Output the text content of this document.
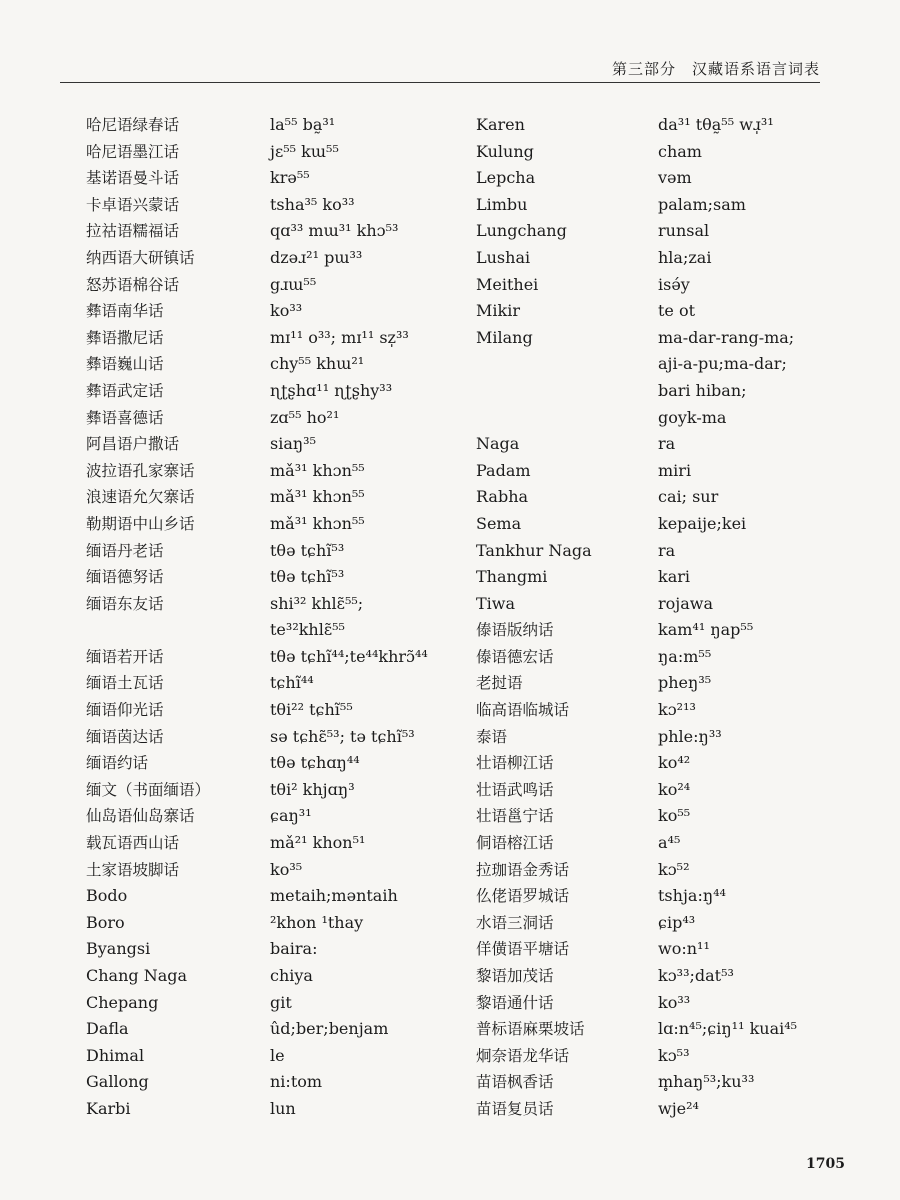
第三部分　汉藏语系语言词表
哈尼语绿春话
哈尼语墨江话
基诺语曼斗话
卡卓语兴蒙话
拉祜语糯福话
纳西语大研镇话
怒苏语棉谷话
彝语南华话
彝语撒尼话
彝语巍山话
彝语武定话
彝语喜德话
阿昌语户撒话
波拉语孔家寨话
浪速语允欠寨话
勒期语中山乡话
缅语丹老话
缅语德努话
缅语东友话
缅语若开话
缅语土瓦话
缅语仰光话
缅语茵达话
缅语约话
缅文（书面缅语）
仙岛语仙岛寨话
载瓦语西山话
土家语坡脚话
Bodo
Boro
Byangsi
Chang Naga
Chepang
Dafla
Dhimal
Gallong
Karbi
la⁵⁵ ba̰³¹
jɛ⁵⁵ kɯ⁵⁵
krə⁵⁵
tsha³⁵ ko³³
qɑ³³ mɯ³¹ khɔ⁵³
dzəɹ²¹ pɯ³³
gɹɯ⁵⁵
ko³³
mɪ¹¹ o³³; mɪ¹¹ sz̩³³
chy⁵⁵ khɯ²¹
ɳʈʂhɑ¹¹ ɳʈʂhy³³
zɑ⁵⁵ ho²¹
siaŋ³⁵
mǎ³¹ khɔn⁵⁵
mǎ³¹ khɔn⁵⁵
mǎ³¹ khɔn⁵⁵
tθə tɕhĩ⁵³
tθə tɕhĩ⁵³
shi³² khlɛ̃⁵⁵;
te³²khlɛ̃⁵⁵
tθə tɕhĩ⁴⁴;te⁴⁴khrɔ̃⁴⁴
tɕhĩ⁴⁴
tθi²² tɕhĩ⁵⁵
sə tɕhɛ̃⁵³; tə tɕhĩ⁵³
tθə tɕhɑŋ⁴⁴
tθi² khjɑŋ³
ɕaŋ³¹
mǎ²¹ khon⁵¹
ko³⁵
metaih;məntaih
²khon ¹thay
baira:
chiya
git
ûd;ber;benjam
le
ni:tom
lun
Karen
Kulung
Lepcha
Limbu
Lungchang
Lushai
Meithei
Mikir
Milang
Naga
Padam
Rabha
Sema
Tankhur Naga
Thangmi
Tiwa
傣语版纳话
傣语德宏话
老挝语
临高语临城话
泰语
壮语柳江话
壮语武鸣话
壮语邕宁话
侗语榕江话
拉珈语金秀话
仫佬语罗城话
水语三洞话
佯僙语平塘话
黎语加茂话
黎语通什话
普标语麻栗坡话
炯奈语龙华话
苗语枫香话
苗语复员话
da³¹ tθa̰⁵⁵ wɹ̩³¹
cham
vəm
palam;sam
runsal
hla;zai
isə́y
te ot
ma-dar-rang-ma;
aji-a-pu;ma-dar;
bari hiban;
goyk-ma
ra
miri
cai; sur
kepaije;kei
ra
kari
rojawa
kam⁴¹ ŋap⁵⁵
ŋa:m⁵⁵
pheŋ³⁵
kɔ²¹³
phle:ŋ³³
ko⁴²
ko²⁴
ko⁵⁵
a⁴⁵
kɔ⁵²
tshja:ŋ⁴⁴
ɕip⁴³
wo:n¹¹
kɔ³³;dat⁵³
ko³³
lɑ:n⁴⁵;ɕiŋ¹¹ kuai⁴⁵
kɔ⁵³
m̥haŋ⁵³;ku³³
wje²⁴
1705
